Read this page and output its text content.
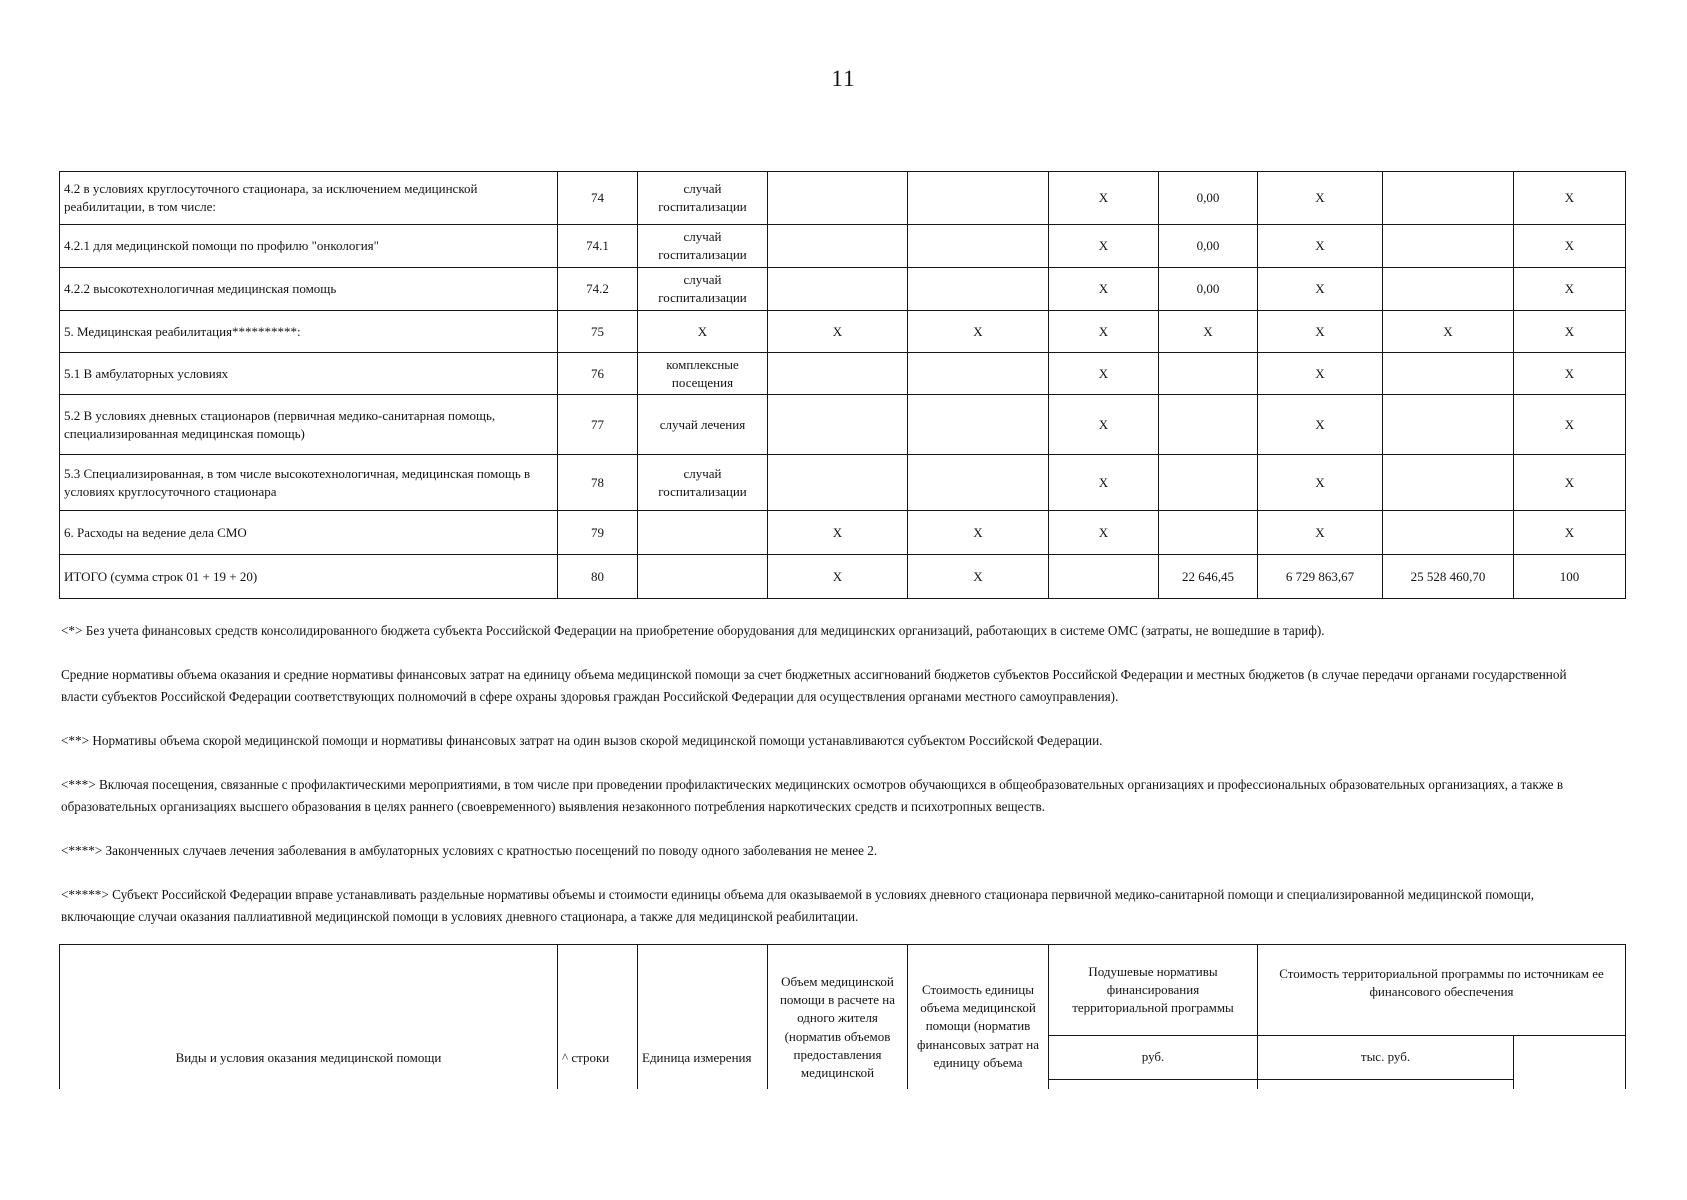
11
4.2 в условиях круглосуточного стационара, за исключением медицинской реабилитации, в том числе:	74	случай госпитализации			X	0,00	X		X
4.2.1 для медицинской помощи по профилю "онкология"	74.1	случай госпитализации			X	0,00	X		X
4.2.2 высокотехнологичная медицинская помощь	74.2	случай госпитализации			X	0,00	X		X
5. Медицинская реабилитация**********:	75	X	X	X	X	X	X	X	X
5.1 В амбулаторных условиях	76	комплексные посещения			X		X		X
5.2 В условиях дневных стационаров (первичная медико-санитарная помощь, специализированная медицинская помощь)	77	случай лечения			X		X		X
5.3 Специализированная, в том числе высокотехнологичная, медицинская помощь в условиях круглосуточного стационара	78	случай госпитализации			X		X		X
6. Расходы на ведение дела СМО	79		X	X	X		X		X
ИТОГО (сумма строк 01 + 19 + 20)	80		X	X		22 646,45	6 729 863,67	25 528 460,70	100

<*> Без учета финансовых средств консолидированного бюджета субъекта Российской Федерации на приобретение оборудования для медицинских организаций, работающих в системе ОМС (затраты, не вошедшие в тариф).

Средние нормативы объема оказания и средние нормативы финансовых затрат на единицу объема медицинской помощи за счет бюджетных ассигнований бюджетов субъектов Российской Федерации и местных бюджетов (в случае передачи органами государственной власти субъектов Российской Федерации соответствующих полномочий в сфере охраны здоровья граждан Российской Федерации для осуществления органами местного самоуправления).

<**> Нормативы объема скорой медицинской помощи и нормативы финансовых затрат на один вызов скорой медицинской помощи устанавливаются субъектом Российской Федерации.

<***> Включая посещения, связанные с профилактическими мероприятиями, в том числе при проведении профилактических медицинских осмотров обучающихся в общеобразовательных организациях и профессиональных образовательных организациях, а также в образовательных организациях высшего образования в целях раннего (своевременного) выявления незаконного потребления наркотических средств и психотропных веществ.

<****> Законченных случаев лечения заболевания в амбулаторных условиях с кратностью посещений по поводу одного заболевания не менее 2.

<*****> Субъект Российской Федерации вправе устанавливать раздельные нормативы объемы и стоимости единицы объема для оказываемой в условиях дневного стационара первичной медико-санитарной помощи и специализированной медицинской помощи, включающие случаи оказания паллиативной медицинской помощи в условиях дневного стационара, а также для медицинской реабилитации.

Виды и условия оказания медицинской помощи	^ строки	Единица измерения	Объем медицинской помощи в расчете на одного жителя (норматив объемов предоставления медицинской	Стоимость единицы объема медицинской помощи (норматив финансовых затрат на единицу объема	Подушевые нормативы финансирования территориальной программы	Стоимость территориальной программы по источникам ее финансового обеспечения	
					руб.	тыс. руб.	
